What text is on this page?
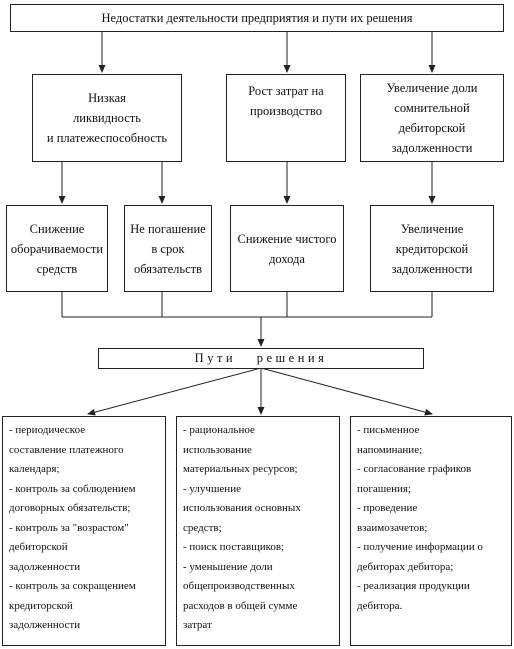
Недостатки деятельности предприятия и пути их решения
Низкая
ликвидность
и платежеспособность
Рост затрат на
производство
Увеличение доли
сомнительной
дебиторской
задолженности
Снижение
оборачиваемости
средств
Не погашение
в срок
обязательств
Снижение чистого
дохода
Увеличение
кредиторской
задолженности
Пути решения
- периодическое
составление платежного
календаря;
- контроль за соблюдением
договорных обязательств;
- контроль за "возрастом"
дебиторской
задолженности
- контроль за сокращением
кредиторской
задолженности
- рациональное
использование
материальных ресурсов;
- улучшение
использования основных
средств;
- поиск поставщиков;
- уменьшение доли
общепроизводственных
расходов в общей сумме
затрат
- письменное
напоминание;
- согласование графиков
погашения;
- проведение
взаимозачетов;
- получение информации о
дебиторах дебитора;
- реализация продукции
дебитора.
